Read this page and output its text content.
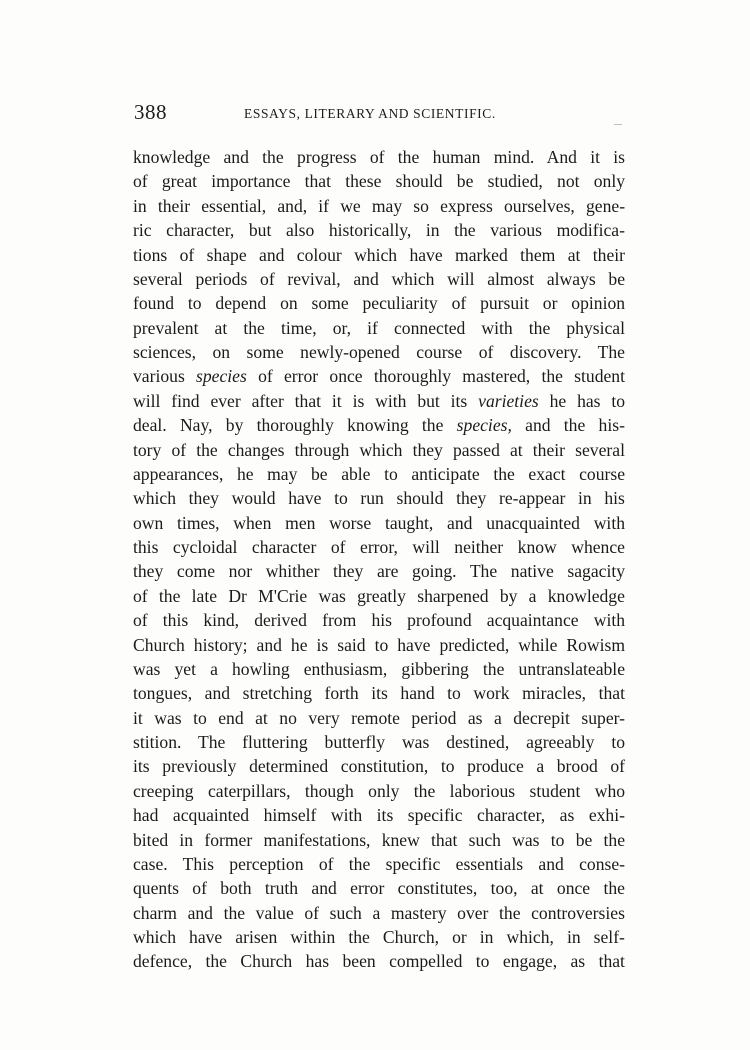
388	ESSAYS, LITERARY AND SCIENTIFIC.
knowledge and the progress of the human mind. And it is
of great importance that these should be studied, not only
in their essential, and, if we may so express ourselves, gene-
ric character, but also historically, in the various modifica-
tions of shape and colour which have marked them at their
several periods of revival, and which will almost always be
found to depend on some peculiarity of pursuit or opinion
prevalent at the time, or, if connected with the physical
sciences, on some newly-opened course of discovery. The
various species of error once thoroughly mastered, the student
will find ever after that it is with but its varieties he has to
deal. Nay, by thoroughly knowing the species, and the his-
tory of the changes through which they passed at their several
appearances, he may be able to anticipate the exact course
which they would have to run should they re-appear in his
own times, when men worse taught, and unacquainted with
this cycloidal character of error, will neither know whence
they come nor whither they are going. The native sagacity
of the late Dr M'Crie was greatly sharpened by a knowledge
of this kind, derived from his profound acquaintance with
Church history; and he is said to have predicted, while Rowism
was yet a howling enthusiasm, gibbering the untranslateable
tongues, and stretching forth its hand to work miracles, that
it was to end at no very remote period as a decrepit super-
stition. The fluttering butterfly was destined, agreeably to
its previously determined constitution, to produce a brood of
creeping caterpillars, though only the laborious student who
had acquainted himself with its specific character, as exhi-
bited in former manifestations, knew that such was to be the
case. This perception of the specific essentials and conse-
quents of both truth and error constitutes, too, at once the
charm and the value of such a mastery over the controversies
which have arisen within the Church, or in which, in self-
defence, the Church has been compelled to engage, as that
